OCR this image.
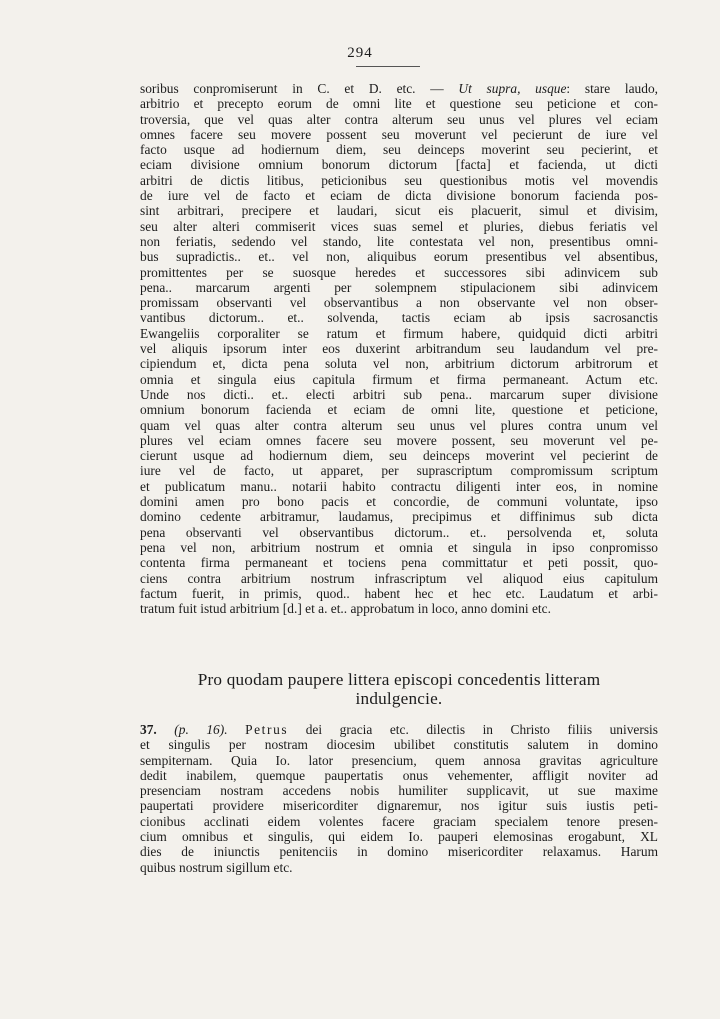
294
soribus conpromiserunt in C. et D. etc. — Ut supra, usque: stare laudo,
arbitrio et precepto eorum de omni lite et questione seu peticione et con-
troversia, que vel quas alter contra alterum seu unus vel plures vel eciam
omnes facere seu movere possent seu moverunt vel pecierunt de iure vel
facto usque ad hodiernum diem, seu deinceps moverint seu pecierint, et
eciam divisione omnium bonorum dictorum [facta] et facienda, ut dicti
arbitri de dictis litibus, peticionibus seu questionibus motis vel movendis
de iure vel de facto et eciam de dicta divisione bonorum facienda pos-
sint arbitrari, precipere et laudari, sicut eis placuerit, simul et divisim,
seu alter alteri commiserit vices suas semel et pluries, diebus feriatis vel
non feriatis, sedendo vel stando, lite contestata vel non, presentibus omni-
bus supradictis.. et.. vel non, aliquibus eorum presentibus vel absentibus,
promittentes per se suosque heredes et successores sibi adinvicem sub
pena.. marcarum argenti per solempnem stipulacionem sibi adinvicem
promissam observanti vel observantibus a non observante vel non obser-
vantibus dictorum.. et.. solvenda, tactis eciam ab ipsis sacrosanctis
Ewangeliis corporaliter se ratum et firmum habere, quidquid dicti arbitri
vel aliquis ipsorum inter eos duxerint arbitrandum seu laudandum vel pre-
cipiendum et, dicta pena soluta vel non, arbitrium dictorum arbitrorum et
omnia et singula eius capitula firmum et firma permaneant. Actum etc.
Unde nos dicti.. et.. electi arbitri sub pena.. marcarum super divisione
omnium bonorum facienda et eciam de omni lite, questione et peticione,
quam vel quas alter contra alterum seu unus vel plures contra unum vel
plures vel eciam omnes facere seu movere possent, seu moverunt vel pe-
cierunt usque ad hodiernum diem, seu deinceps moverint vel pecierint de
iure vel de facto, ut apparet, per suprascriptum compromissum scriptum
et publicatum manu.. notarii habito contractu diligenti inter eos, in nomine
domini amen pro bono pacis et concordie, de communi voluntate, ipso
domino cedente arbitramur, laudamus, precipimus et diffinimus sub dicta
pena observanti vel observantibus dictorum.. et.. persolvenda et, soluta
pena vel non, arbitrium nostrum et omnia et singula in ipso conpromisso
contenta firma permaneant et tociens pena committatur et peti possit, quo-
ciens contra arbitrium nostrum infrascriptum vel aliquod eius capitulum
factum fuerit, in primis, quod.. habent hec et hec etc. Laudatum et arbi-
tratum fuit istud arbitrium [d.] et a. et.. approbatum in loco, anno domini etc.
Pro quodam paupere littera episcopi concedentis litteram
indulgencie.
37. (p. 16). Petrus dei gracia etc. dilectis in Christo filiis universis
et singulis per nostram diocesim ubilibet constitutis salutem in domino
sempiternam. Quia Io. lator presencium, quem annosa gravitas agriculture
dedit inabilem, quemque paupertatis onus vehementer, affligit noviter ad
presenciam nostram accedens nobis humiliter supplicavit, ut sue maxime
paupertati providere misericorditer dignaremur, nos igitur suis iustis peti-
cionibus acclinati eidem volentes facere graciam specialem tenore presen-
cium omnibus et singulis, qui eidem Io. pauperi elemosinas erogabunt, XL
dies de iniunctis penitenciis in domino misericorditer relaxamus. Harum
quibus nostrum sigillum etc.
